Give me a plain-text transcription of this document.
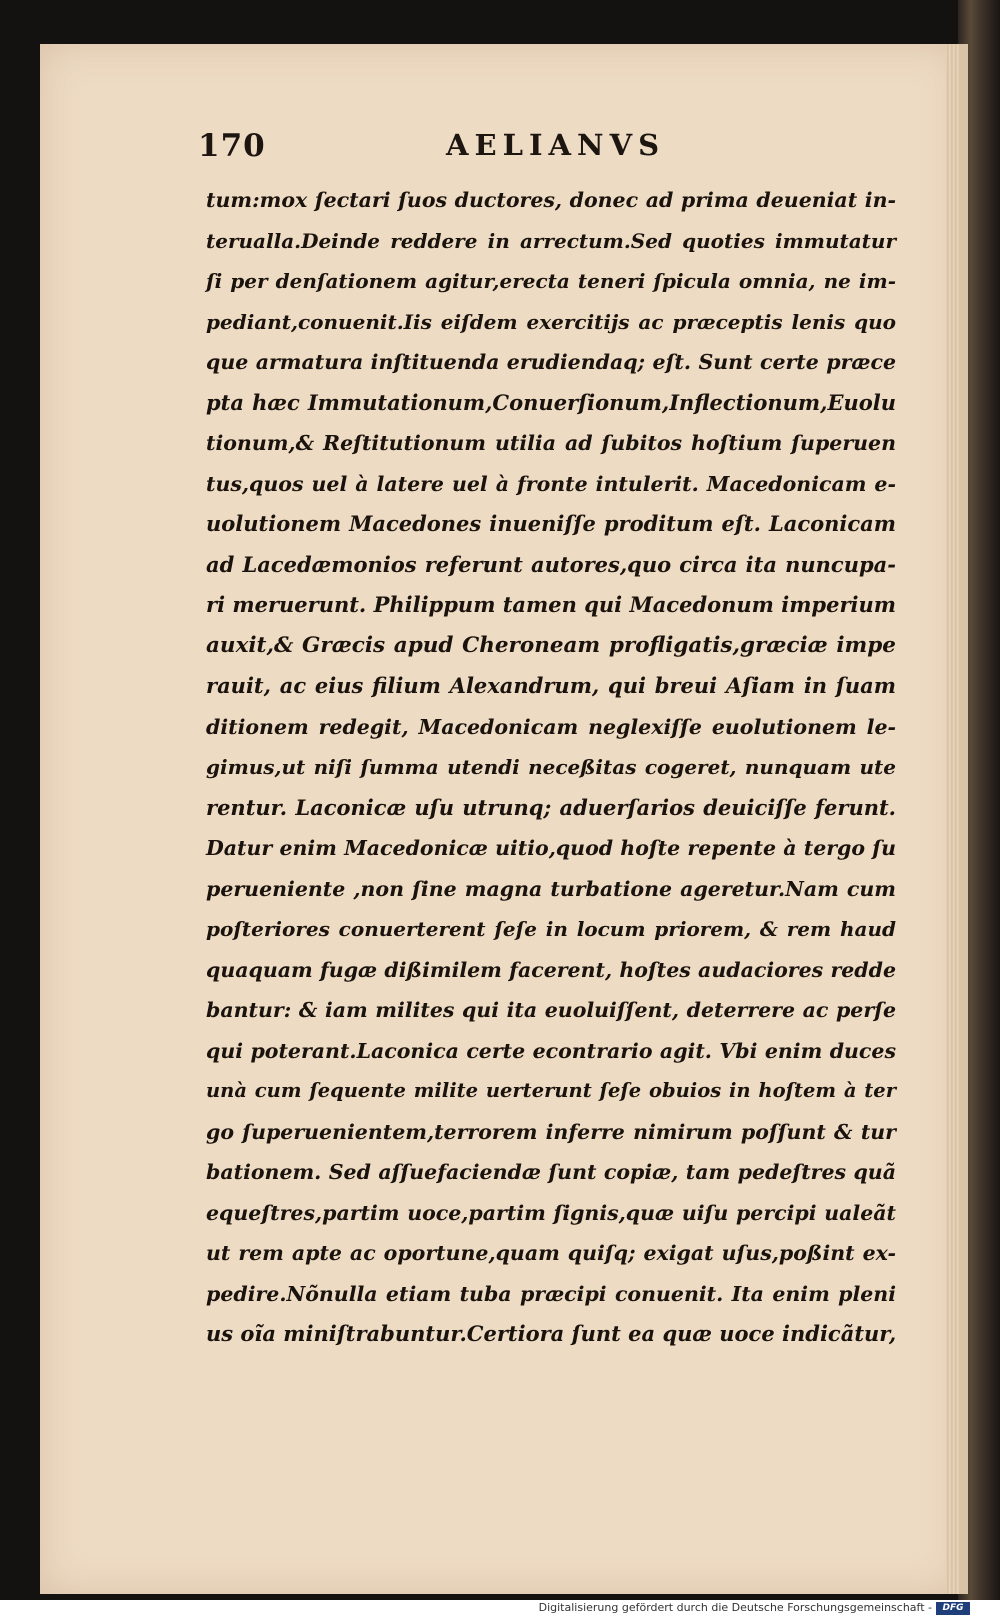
170	AELIANVS
tum:mox ſectari ſuos ductores, donec ad prima deueniat in-
terualla.Deinde reddere in arrectum.Sed quoties immutatur
ſi per denſationem agitur,erecta teneri ſpicula omnia, ne im-
pediant,conuenit.Iis eiſdem exercitijs ac præceptis lenis quo
que armatura inſtituenda erudiendaq; eſt. Sunt certe præce
pta hæc Immutationum,Conuerſionum,Inflectionum,Euolu
tionum,& Reſtitutionum utilia ad ſubitos hoſtium ſuperuen
tus,quos uel à latere uel à fronte intulerit. Macedonicam e-
uolutionem Macedones inueniſſe proditum eſt. Laconicam
ad Lacedæmonios referunt autores,quo circa ita nuncupa-
ri meruerunt. Philippum tamen qui Macedonum imperium
auxit,& Græcis apud Cheroneam profligatis,græciæ impe
rauit, ac eius filium Alexandrum, qui breui Aſiam in ſuam
ditionem redegit, Macedonicam neglexiſſe euolutionem le-
gimus,ut niſi ſumma utendi neceßitas cogeret, nunquam ute
rentur. Laconicæ uſu utrunq; aduerſarios deuiciſſe ferunt.
Datur enim Macedonicæ uitio,quod hoſte repente à tergo ſu
perueniente ,non ſine magna turbatione ageretur.Nam cum
poſteriores conuerterent ſeſe in locum priorem, & rem haud
quaquam fugæ dißimilem facerent, hoſtes audaciores redde
bantur: & iam milites qui ita euoluiſſent, deterrere ac perſe
qui poterant.Laconica certe econtrario agit. Vbi enim duces
unà cum ſequente milite uerterunt ſeſe obuios in hoſtem à ter
go ſuperuenientem,terrorem inferre nimirum poſſunt & tur
bationem. Sed aſſuefaciendæ ſunt copiæ, tam pedeſtres quã
equeſtres,partim uoce,partim ſignis,quæ uiſu percipi ualeãt
ut rem apte ac oportune,quam quiſq; exigat uſus,poßint ex-
pedire.Nõnulla etiam tuba præcipi conuenit. Ita enim pleni
us oĩa miniſtrabuntur.Certiora ſunt ea quæ uoce indicãtur,
Digitalisierung gefördert durch die Deutsche Forschungsgemeinschaft -	DFG
